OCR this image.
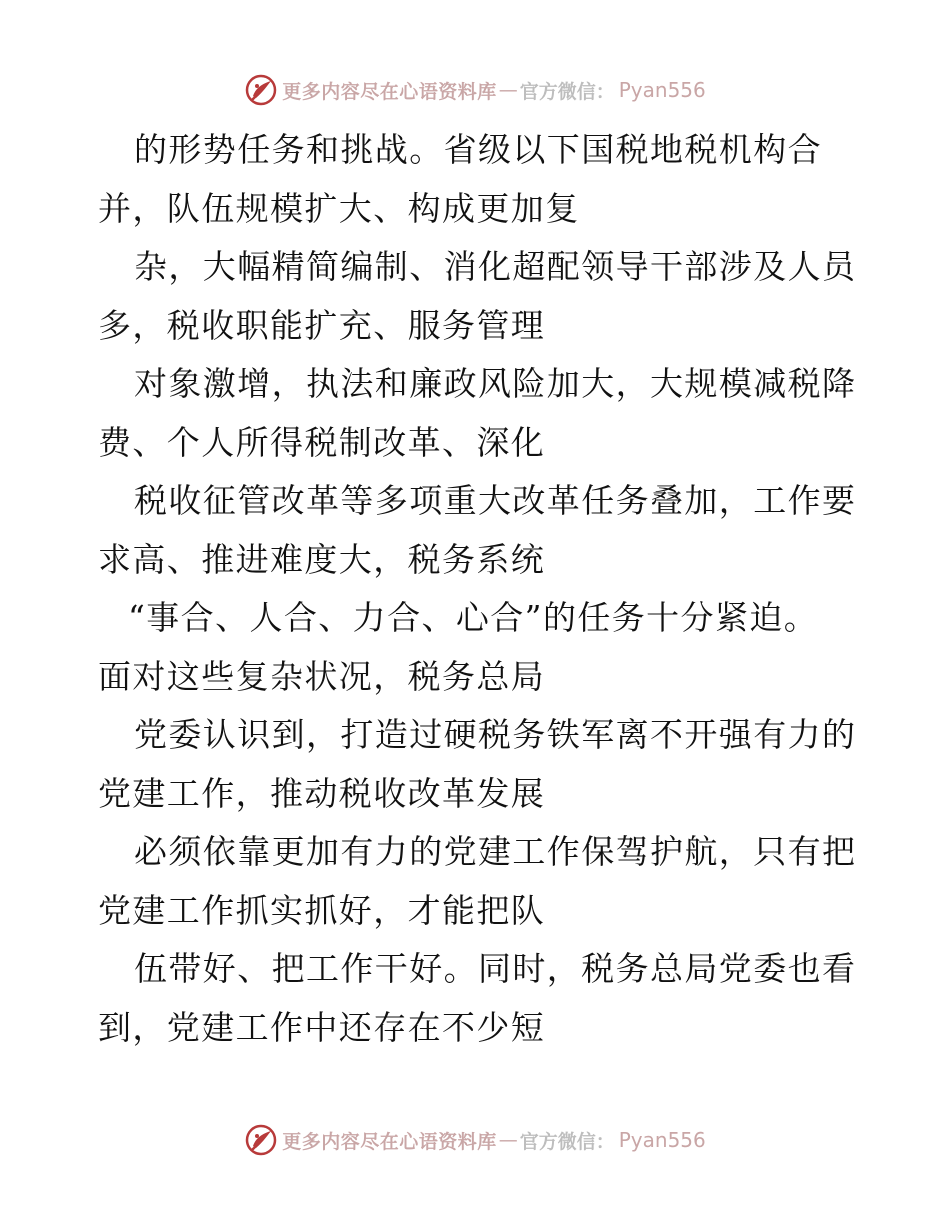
更多内容尽在心语资料库 — 官方微信： Pyan556
的形势任务和挑战。省级以下国税地税机构合
并，队伍规模扩大、构成更加复
杂，大幅精简编制、消化超配领导干部涉及人员
多，税收职能扩充、服务管理
对象激增，执法和廉政风险加大，大规模减税降
费、个人所得税制改革、深化
税收征管改革等多项重大改革任务叠加，工作要
求高、推进难度大，税务系统
“事合、人合、力合、心合”的任务十分紧迫。
面对这些复杂状况，税务总局
党委认识到，打造过硬税务铁军离不开强有力的
党建工作，推动税收改革发展
必须依靠更加有力的党建工作保驾护航，只有把
党建工作抓实抓好，才能把队
伍带好、把工作干好。同时，税务总局党委也看
到，党建工作中还存在不少短
更多内容尽在心语资料库 — 官方微信： Pyan556
